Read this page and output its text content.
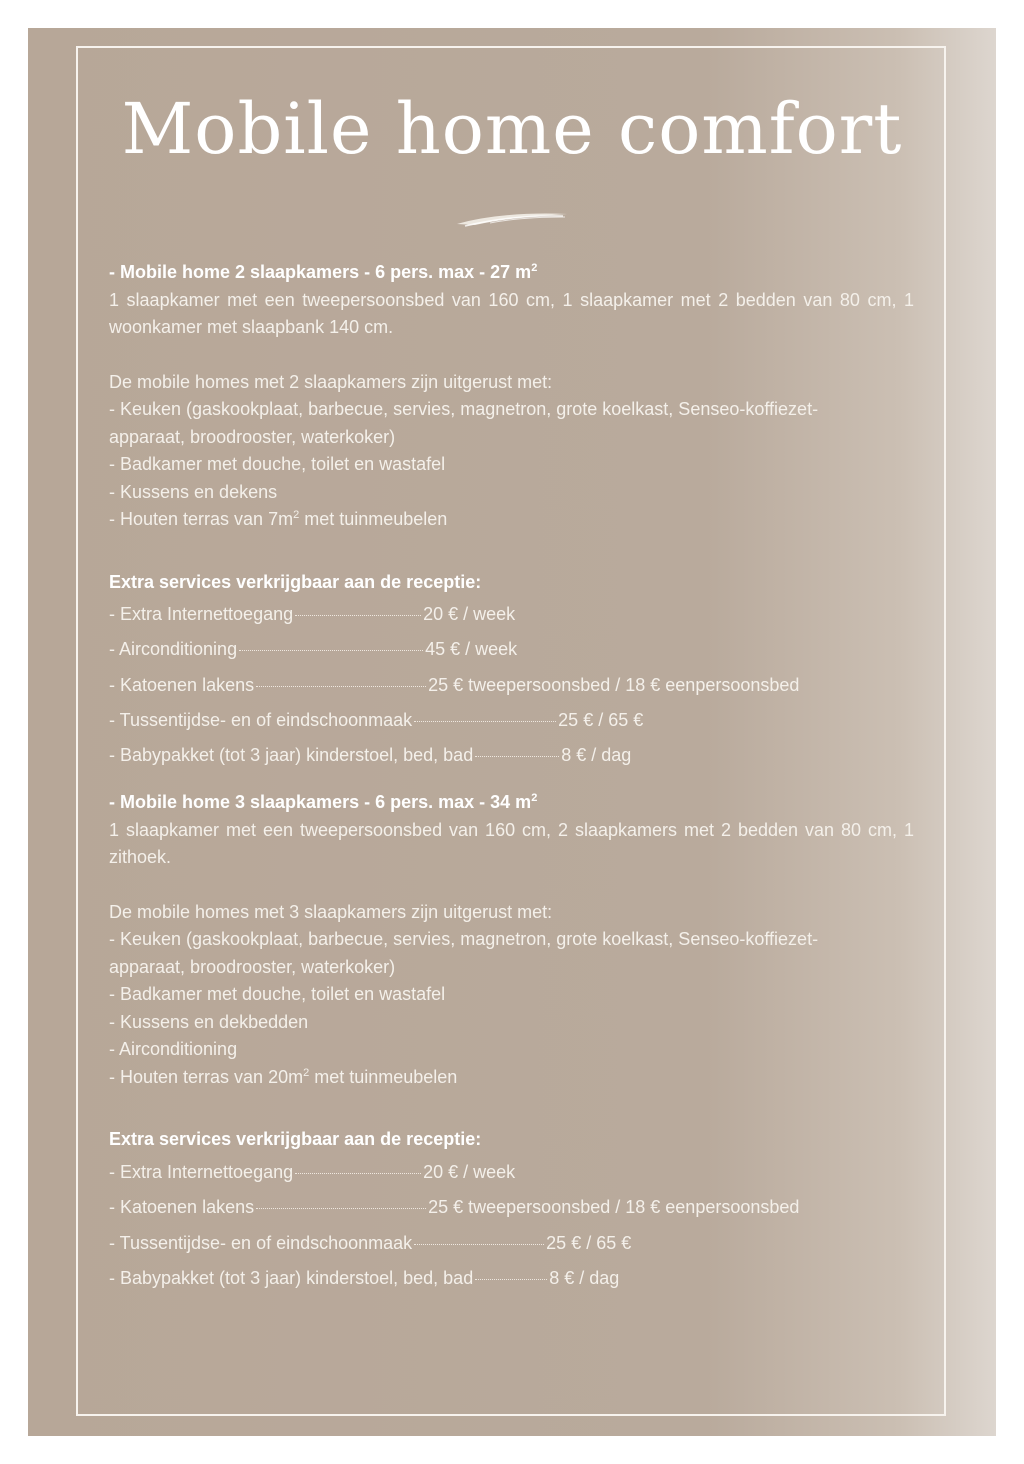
Mobile home comfort

- Mobile home 2 slaapkamers - 6 pers. max - 27 $m^2$

1 slaapkamer met een tweepersoonsbed van 160 cm, 1 slaapkamer met 2 bedden van 80 cm, 1 woonkamer met slaapbank 140 cm.

De mobile homes met 2 slaapkamers zijn uitgerust met:

- Keuken (gaskookplaat, barbecue, servies, magnetron, grote koelkast, Senseo-koffiezet-
apparaat, broodrooster, waterkoker)
- Badkamer met douche, toilet en wastafel
- Kussens en dekens
- Houten terras van $7m^2$ met tuinmeubelen

Extra services verkrijgbaar aan de receptie:

- Extra Internettoegang	20 € / week
- Airconditioning	45 € / week
- Katoenen lakens	25 € tweepersoonsbed / 18 € eenpersoonsbed
- Tussentijdse- en of eindschoonmaak	25 € / 65 €
- Babypakket (tot 3 jaar) kinderstoel, bed, bad	8 € / dag

- Mobile home 3 slaapkamers - 6 pers. max - 34 $m^2$

1 slaapkamer met een tweepersoonsbed van 160 cm, 2 slaapkamers met 2 bedden van 80 cm, 1 zithoek.

De mobile homes met 3 slaapkamers zijn uitgerust met:

- Keuken (gaskookplaat, barbecue, servies, magnetron, grote koelkast, Senseo-koffiezet-
apparaat, broodrooster, waterkoker)
- Badkamer met douche, toilet en wastafel
- Kussens en dekbedden
- Airconditioning
- Houten terras van $20m^2$ met tuinmeubelen

Extra services verkrijgbaar aan de receptie:

- Extra Internettoegang	20 € / week
- Katoenen lakens	25 € tweepersoonsbed / 18 € eenpersoonsbed
- Tussentijdse- en of eindschoonmaak	25 € / 65 €
- Babypakket (tot 3 jaar) kinderstoel, bed, bad	8 € / dag
